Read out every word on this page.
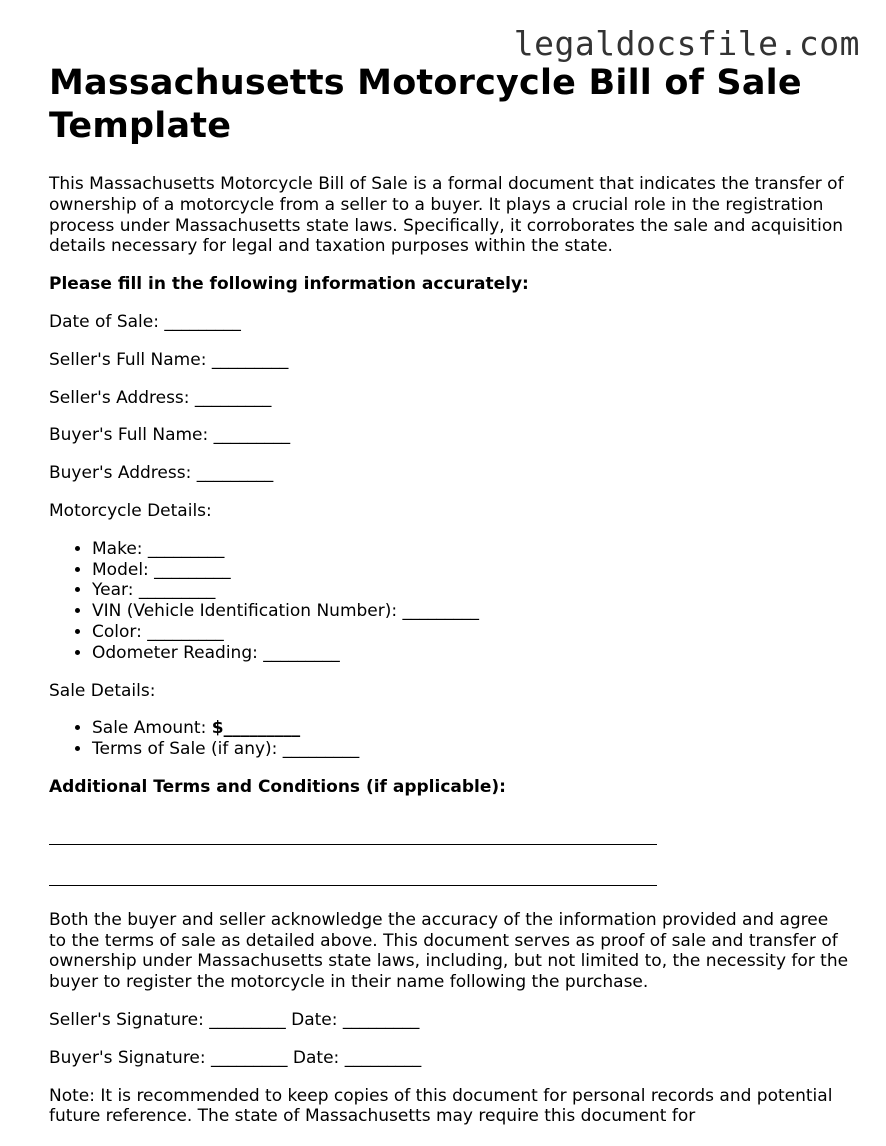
legaldocsfile.com
Massachusetts Motorcycle Bill of Sale Template

This Massachusetts Motorcycle Bill of Sale is a formal document that indicates the transfer of ownership of a motorcycle from a seller to a buyer. It plays a crucial role in the registration process under Massachusetts state laws. Specifically, it corroborates the sale and acquisition details necessary for legal and taxation purposes within the state.

Please fill in the following information accurately:

Date of Sale: _________

Seller's Full Name: _________

Seller's Address: _________

Buyer's Full Name: _________

Buyer's Address: _________

Motorcycle Details:

• Make: _________
• Model: _________
• Year: _________
• VIN (Vehicle Identification Number): _________
• Color: _________
• Odometer Reading: _________

Sale Details:

• Sale Amount: $_________
• Terms of Sale (if any): _________

Additional Terms and Conditions (if applicable):

Both the buyer and seller acknowledge the accuracy of the information provided and agree to the terms of sale as detailed above. This document serves as proof of sale and transfer of ownership under Massachusetts state laws, including, but not limited to, the necessity for the buyer to register the motorcycle in their name following the purchase.

Seller's Signature: _________ Date: _________

Buyer's Signature: _________ Date: _________

Note: It is recommended to keep copies of this document for personal records and potential future reference. The state of Massachusetts may require this document for
